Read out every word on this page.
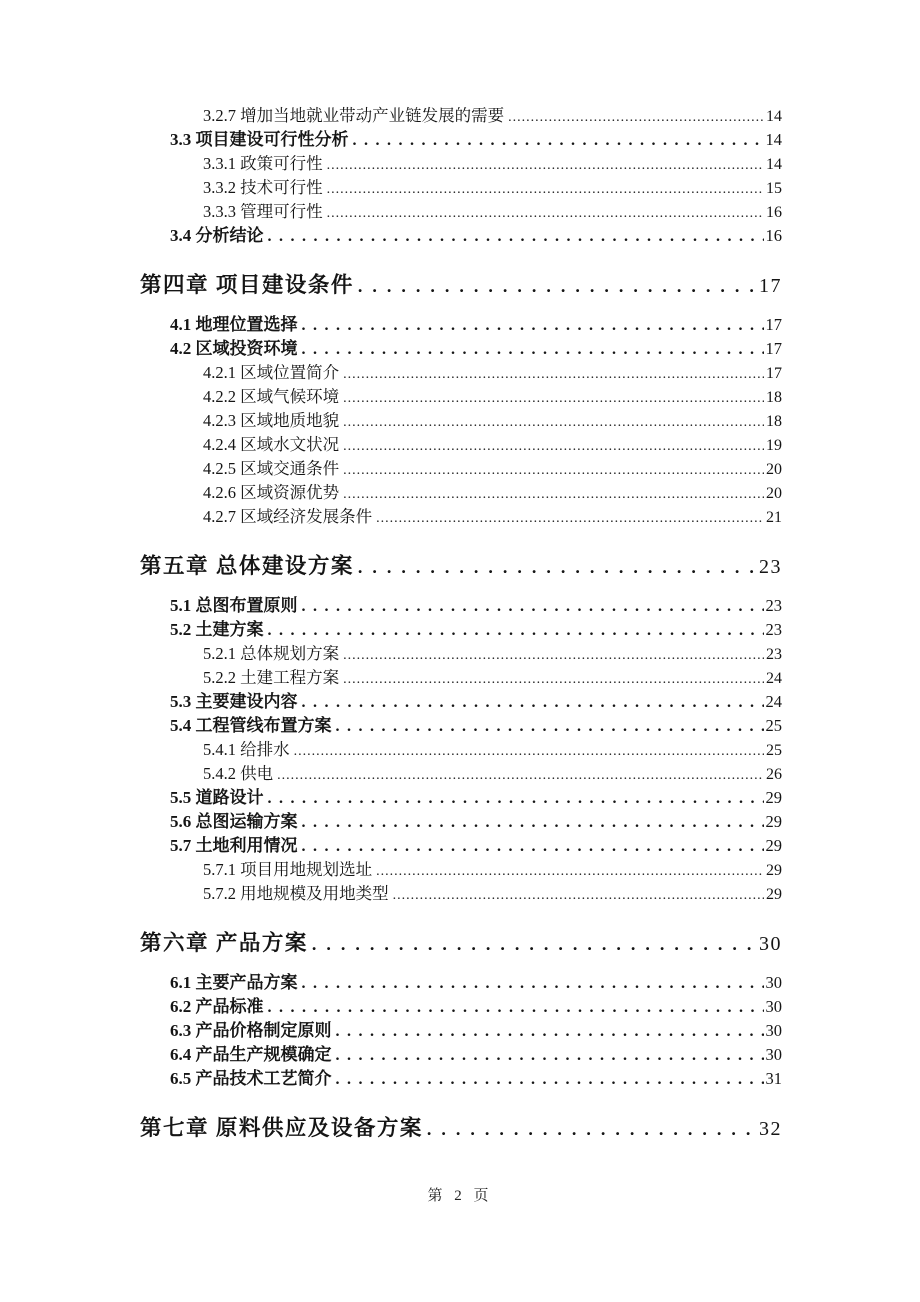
3.2.7 增加当地就业带动产业链发展的需要 .....	14
3.3 项目建设可行性分析 .....	14
3.3.1 政策可行性 .....	14
3.3.2 技术可行性 .....	15
3.3.3 管理可行性 .....	16
3.4 分析结论 .....	16
第四章 项目建设条件 .....	17
4.1 地理位置选择 .....	17
4.2 区域投资环境 .....	17
4.2.1 区域位置简介 .....	17
4.2.2 区域气候环境 .....	18
4.2.3 区域地质地貌 .....	18
4.2.4 区域水文状况 .....	19
4.2.5 区域交通条件 .....	20
4.2.6 区域资源优势 .....	20
4.2.7 区域经济发展条件 .....	21
第五章 总体建设方案 .....	23
5.1 总图布置原则 .....	23
5.2 土建方案 .....	23
5.2.1 总体规划方案 .....	23
5.2.2 土建工程方案 .....	24
5.3 主要建设内容 .....	24
5.4 工程管线布置方案 .....	25
5.4.1 给排水 .....	25
5.4.2 供电 .....	26
5.5 道路设计 .....	29
5.6 总图运输方案 .....	29
5.7 土地利用情况 .....	29
5.7.1 项目用地规划选址 .....	29
5.7.2 用地规模及用地类型 .....	29
第六章 产品方案 .....	30
6.1 主要产品方案 .....	30
6.2 产品标准 .....	30
6.3 产品价格制定原则 .....	30
6.4 产品生产规模确定 .....	30
6.5 产品技术工艺简介 .....	31
第七章 原料供应及设备方案 .....	32
第 2 页
